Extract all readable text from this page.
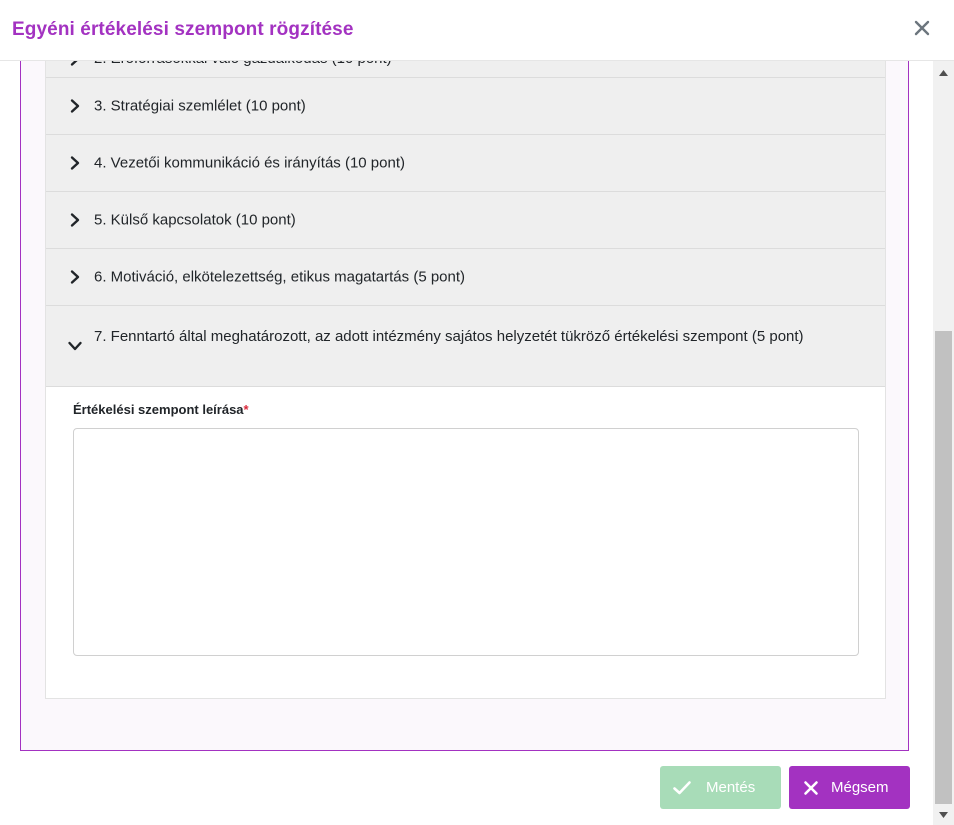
Egyéni értékelési szempont rögzítése
3. Stratégiai szemlélet (10 pont)
4. Vezetői kommunikáció és irányítás (10 pont)
5. Külső kapcsolatok (10 pont)
6. Motiváció, elkötelezettség, etikus magatartás (5 pont)
7. Fenntartó által meghatározott, az adott intézmény sajátos helyzetét tükröző értékelési szempont (5 pont)
Értékelési szempont leírása*
Mentés	Mégsem
